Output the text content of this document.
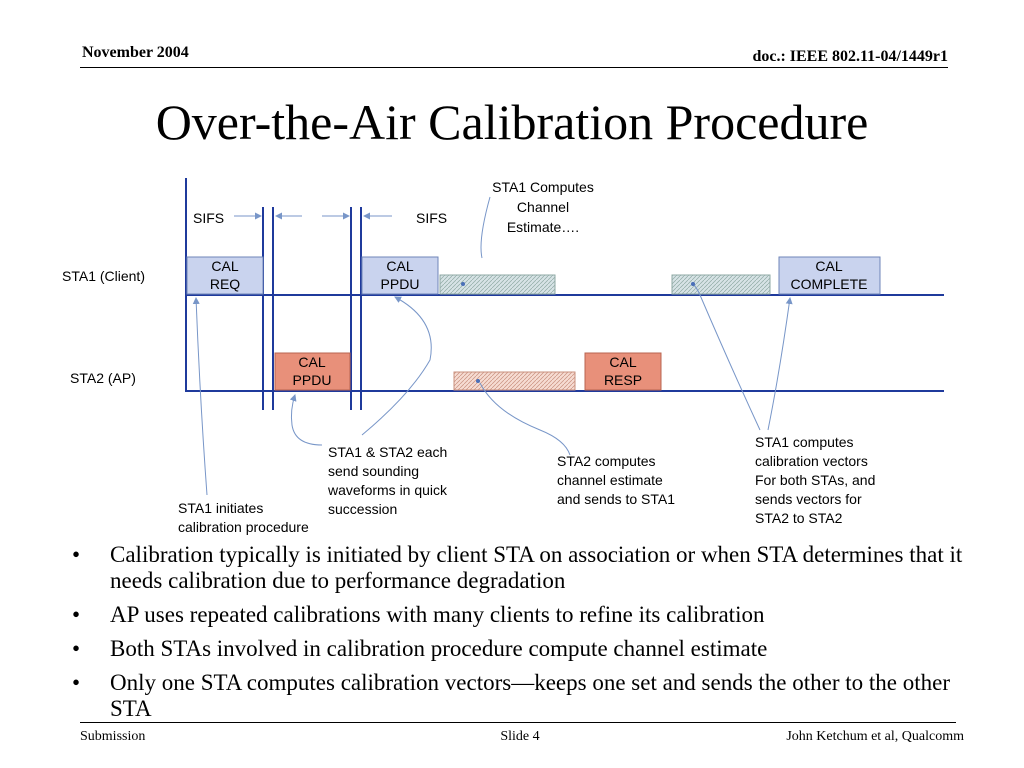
November 2004	doc.: IEEE 802.11-04/1449r1
Over-the-Air Calibration Procedure
SIFS	SIFS
STA1 (Client)
STA2 (AP)
STA1 Computes
Channel
Estimate….
CAL
REQ
CAL
PPDU
CAL
COMPLETE
CAL
PPDU
CAL
RESP
STA1 initiates
calibration procedure
STA1 & STA2 each
send sounding
waveforms in quick
succession
STA2 computes
channel estimate
and sends to STA1
STA1 computes
calibration vectors
For both STAs, and
sends vectors for
STA2 to STA2
• Calibration typically is initiated by client STA on association or when STA determines that it needs calibration due to performance degradation
• AP uses repeated calibrations with many clients to refine its calibration
• Both STAs involved in calibration procedure compute channel estimate
• Only one STA computes calibration vectors—keeps one set and sends the other to the other STA
Submission	Slide 4	John Ketchum et al, Qualcomm
